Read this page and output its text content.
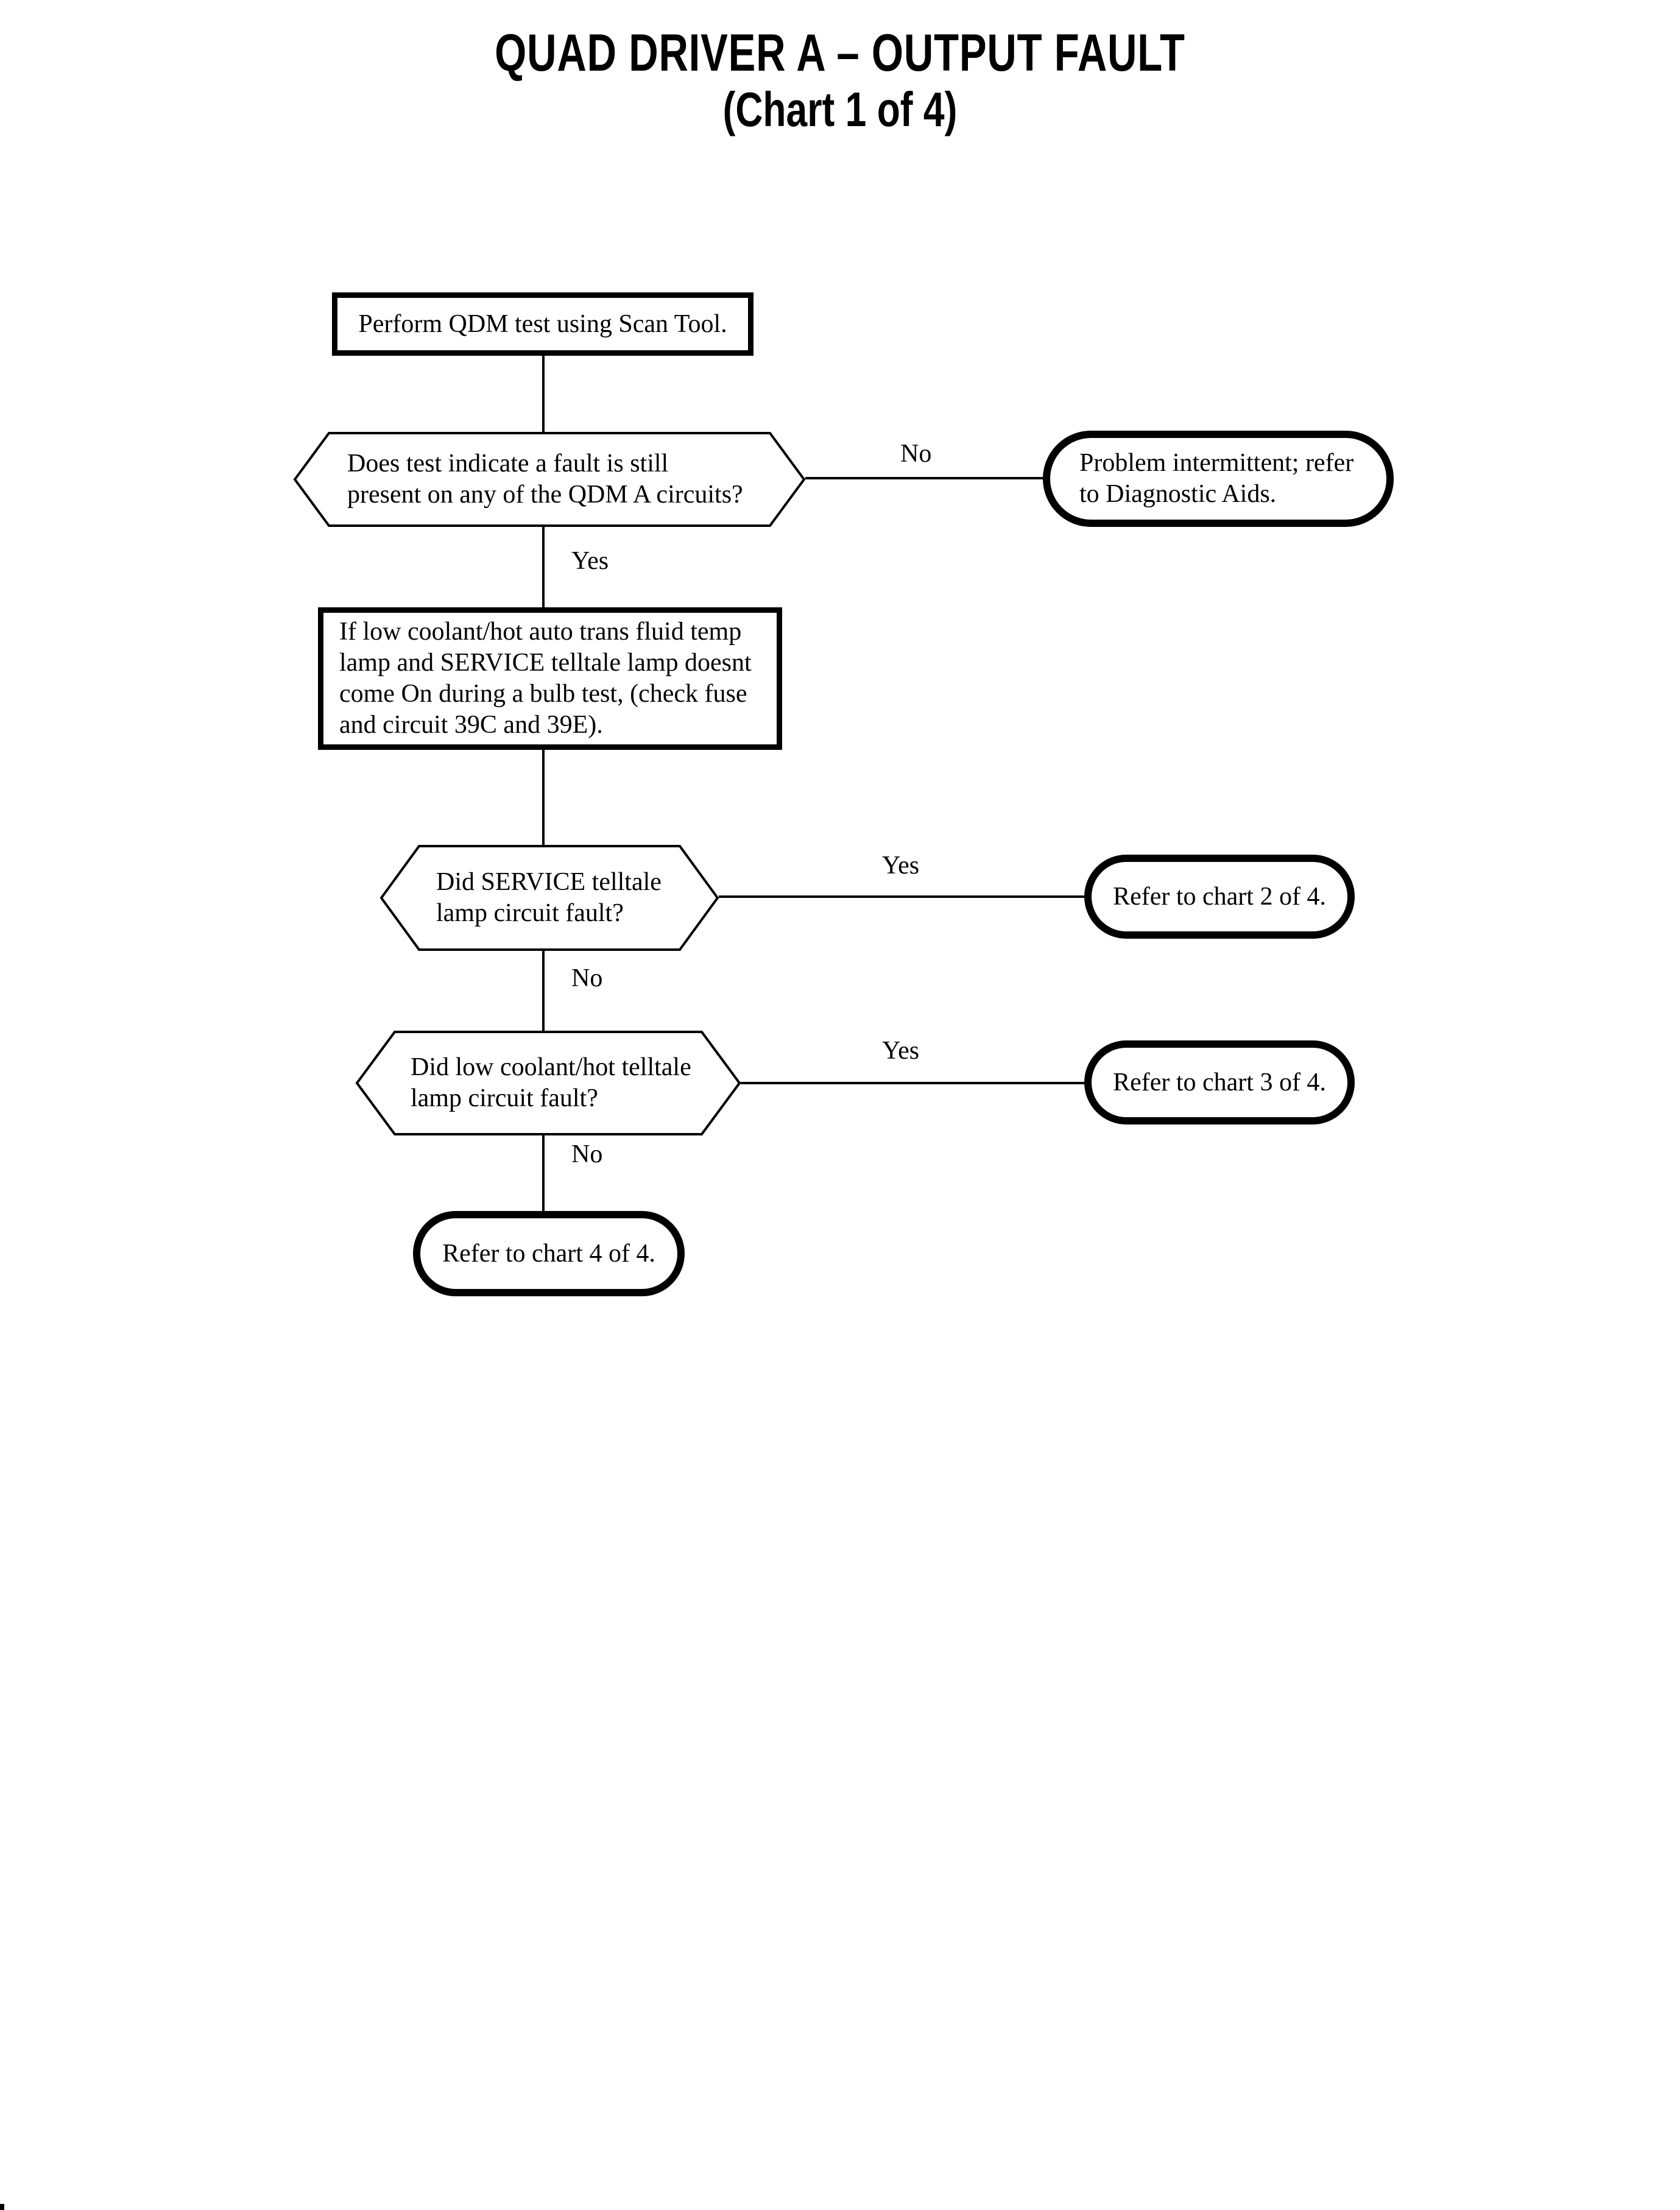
QUAD DRIVER A – OUTPUT FAULT
(Chart 1 of 4)
Perform QDM test using Scan Tool.
Does test indicate a fault is still
present on any of the QDM A circuits?
No	Problem intermittent; refer
to Diagnostic Aids.
Yes
If low coolant/hot auto trans fluid temp
lamp and SERVICE telltale lamp doesnt
come On during a bulb test, (check fuse
and circuit 39C and 39E).
Did SERVICE telltale
lamp circuit fault?
Yes
Refer to chart 2 of 4.
No
Did low coolant/hot telltale
lamp circuit fault?
Yes
Refer to chart 3 of 4.
No
Refer to chart 4 of 4.
